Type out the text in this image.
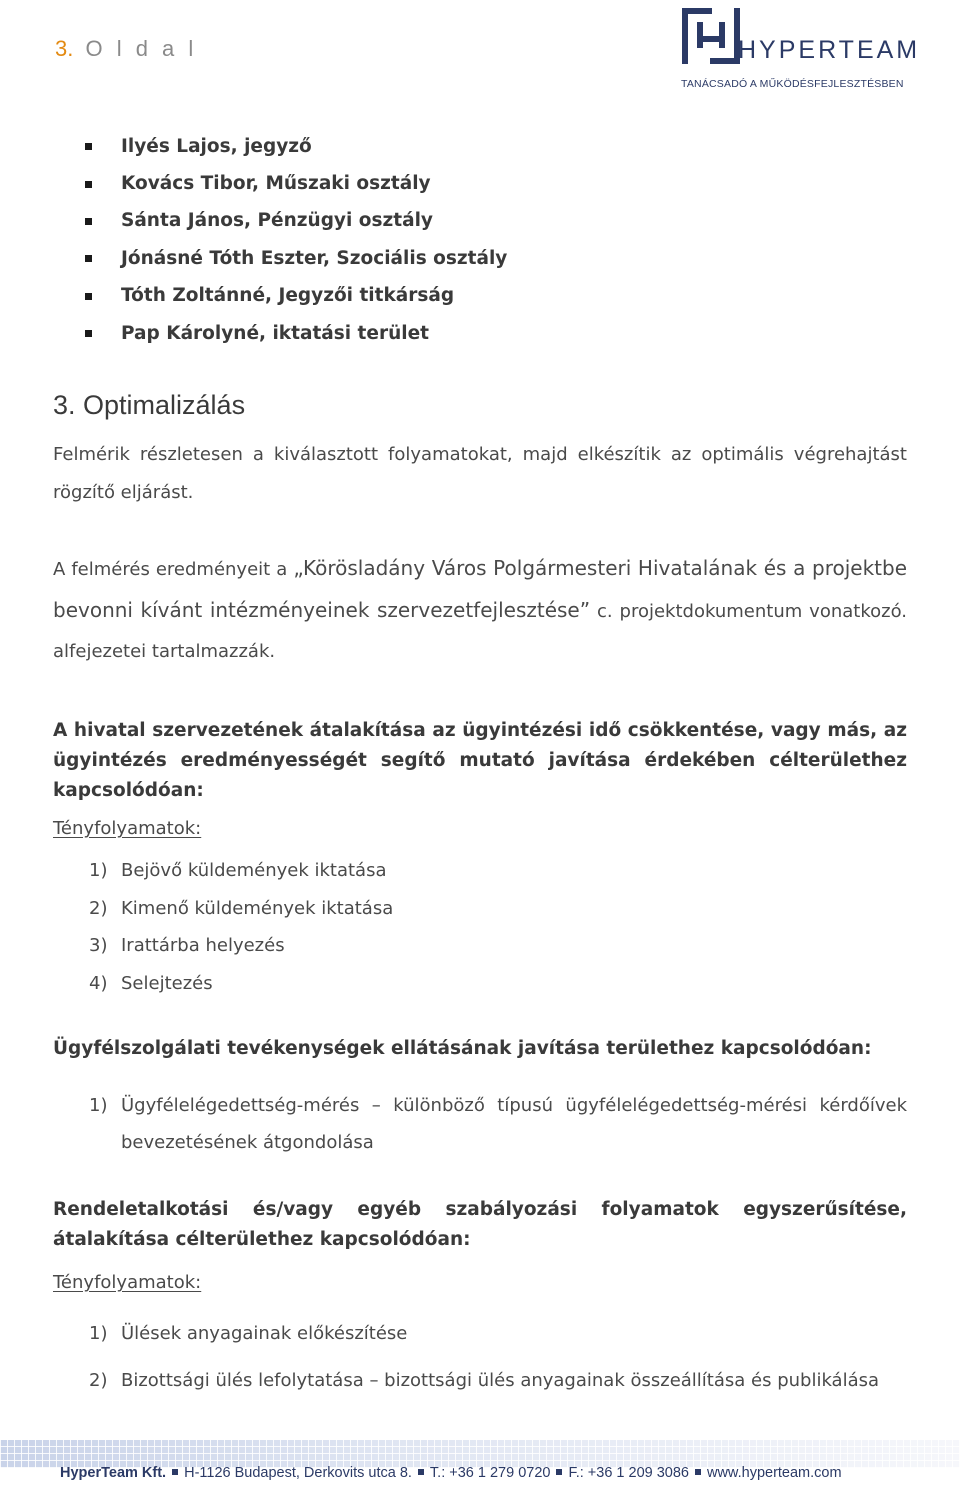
3. O l d a l	HYPERTEAM
TANÁCSADÓ A MŰKÖDÉSFEJLESZTÉSBEN
Ilyés Lajos, jegyző
Kovács Tibor, Műszaki osztály
Sánta János, Pénzügyi osztály
Jónásné Tóth Eszter, Szociális osztály
Tóth Zoltánné, Jegyzői titkárság
Pap Károlyné, iktatási terület
3. Optimalizálás
Felmérik részletesen a kiválasztott folyamatokat, majd elkészítik az optimális végrehajtást rögzítő eljárást.
A felmérés eredményeit a „Körösladány Város Polgármesteri Hivatalának és a projektbe bevonni kívánt intézményeinek szervezetfejlesztése” c. projektdokumentum vonatkozó. alfejezetei tartalmazzák.
A hivatal szervezetének átalakítása az ügyintézési idő csökkentése, vagy más, az ügyintézés eredményességét segítő mutató javítása érdekében célterülethez kapcsolódóan:
Tényfolyamatok:
1) Bejövő küldemények iktatása
2) Kimenő küldemények iktatása
3) Irattárba helyezés
4) Selejtezés
Ügyfélszolgálati tevékenységek ellátásának javítása területhez kapcsolódóan:
1) Ügyfélelégedettség-mérés – különböző típusú ügyfélelégedettség-mérési kérdőívek bevezetésének átgondolása
Rendeletalkotási és/vagy egyéb szabályozási folyamatok egyszerűsítése, átalakítása célterülethez kapcsolódóan:
Tényfolyamatok:
1) Ülések anyagainak előkészítése
2) Bizottsági ülés lefolytatása – bizottsági ülés anyagainak összeállítása és publikálása
HyperTeam Kft. H-1126 Budapest, Derkovits utca 8. T.: +36 1 279 0720 F.: +36 1 209 3086 www.hyperteam.com
